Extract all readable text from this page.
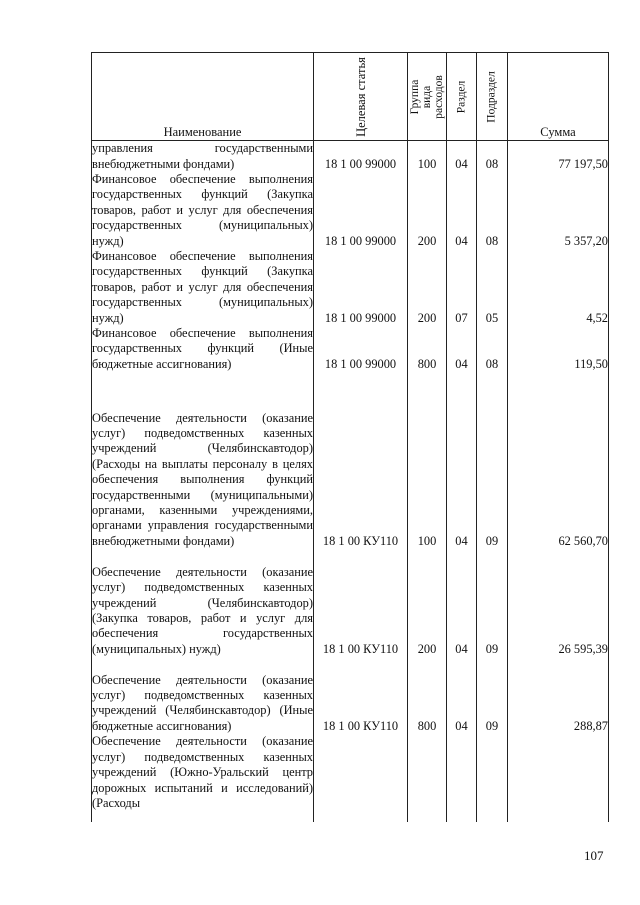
Наименование	Целевая статья	Группа вида расходов	Раздел	Подраздел	Сумма

управления государственными внебюджетными фондами)	18 1 00 99000	100	04	08	77 197,50
Финансовое обеспечение выполнения государственных функций (Закупка товаров, работ и услуг для обеспечения государственных (муниципальных) нужд)	18 1 00 99000	200	04	08	5 357,20
Финансовое обеспечение выполнения государственных функций (Закупка товаров, работ и услуг для обеспечения государственных (муниципальных) нужд)	18 1 00 99000	200	07	05	4,52
Финансовое обеспечение выполнения государственных функций (Иные бюджетные ассигнования)	18 1 00 99000	800	04	08	119,50
Обеспечение деятельности (оказание услуг) подведомственных казенных учреждений (Челябинскавтодор) (Расходы на выплаты персоналу в целях обеспечения выполнения функций государственными (муниципальными) органами, казенными учреждениями, органами управления государственными внебюджетными фондами)	18 1 00 КУ110	100	04	09	62 560,70
Обеспечение деятельности (оказание услуг) подведомственных казенных учреждений (Челябинскавтодор) (Закупка товаров, работ и услуг для обеспечения государственных (муниципальных) нужд)	18 1 00 КУ110	200	04	09	26 595,39
Обеспечение деятельности (оказание услуг) подведомственных казенных учреждений (Челябинскавтодор) (Иные бюджетные ассигнования)	18 1 00 КУ110	800	04	09	288,87
Обеспечение деятельности (оказание услуг) подведомственных казенных учреждений (Южно-Уральский центр дорожных испытаний и исследований) (Расходы					
107
